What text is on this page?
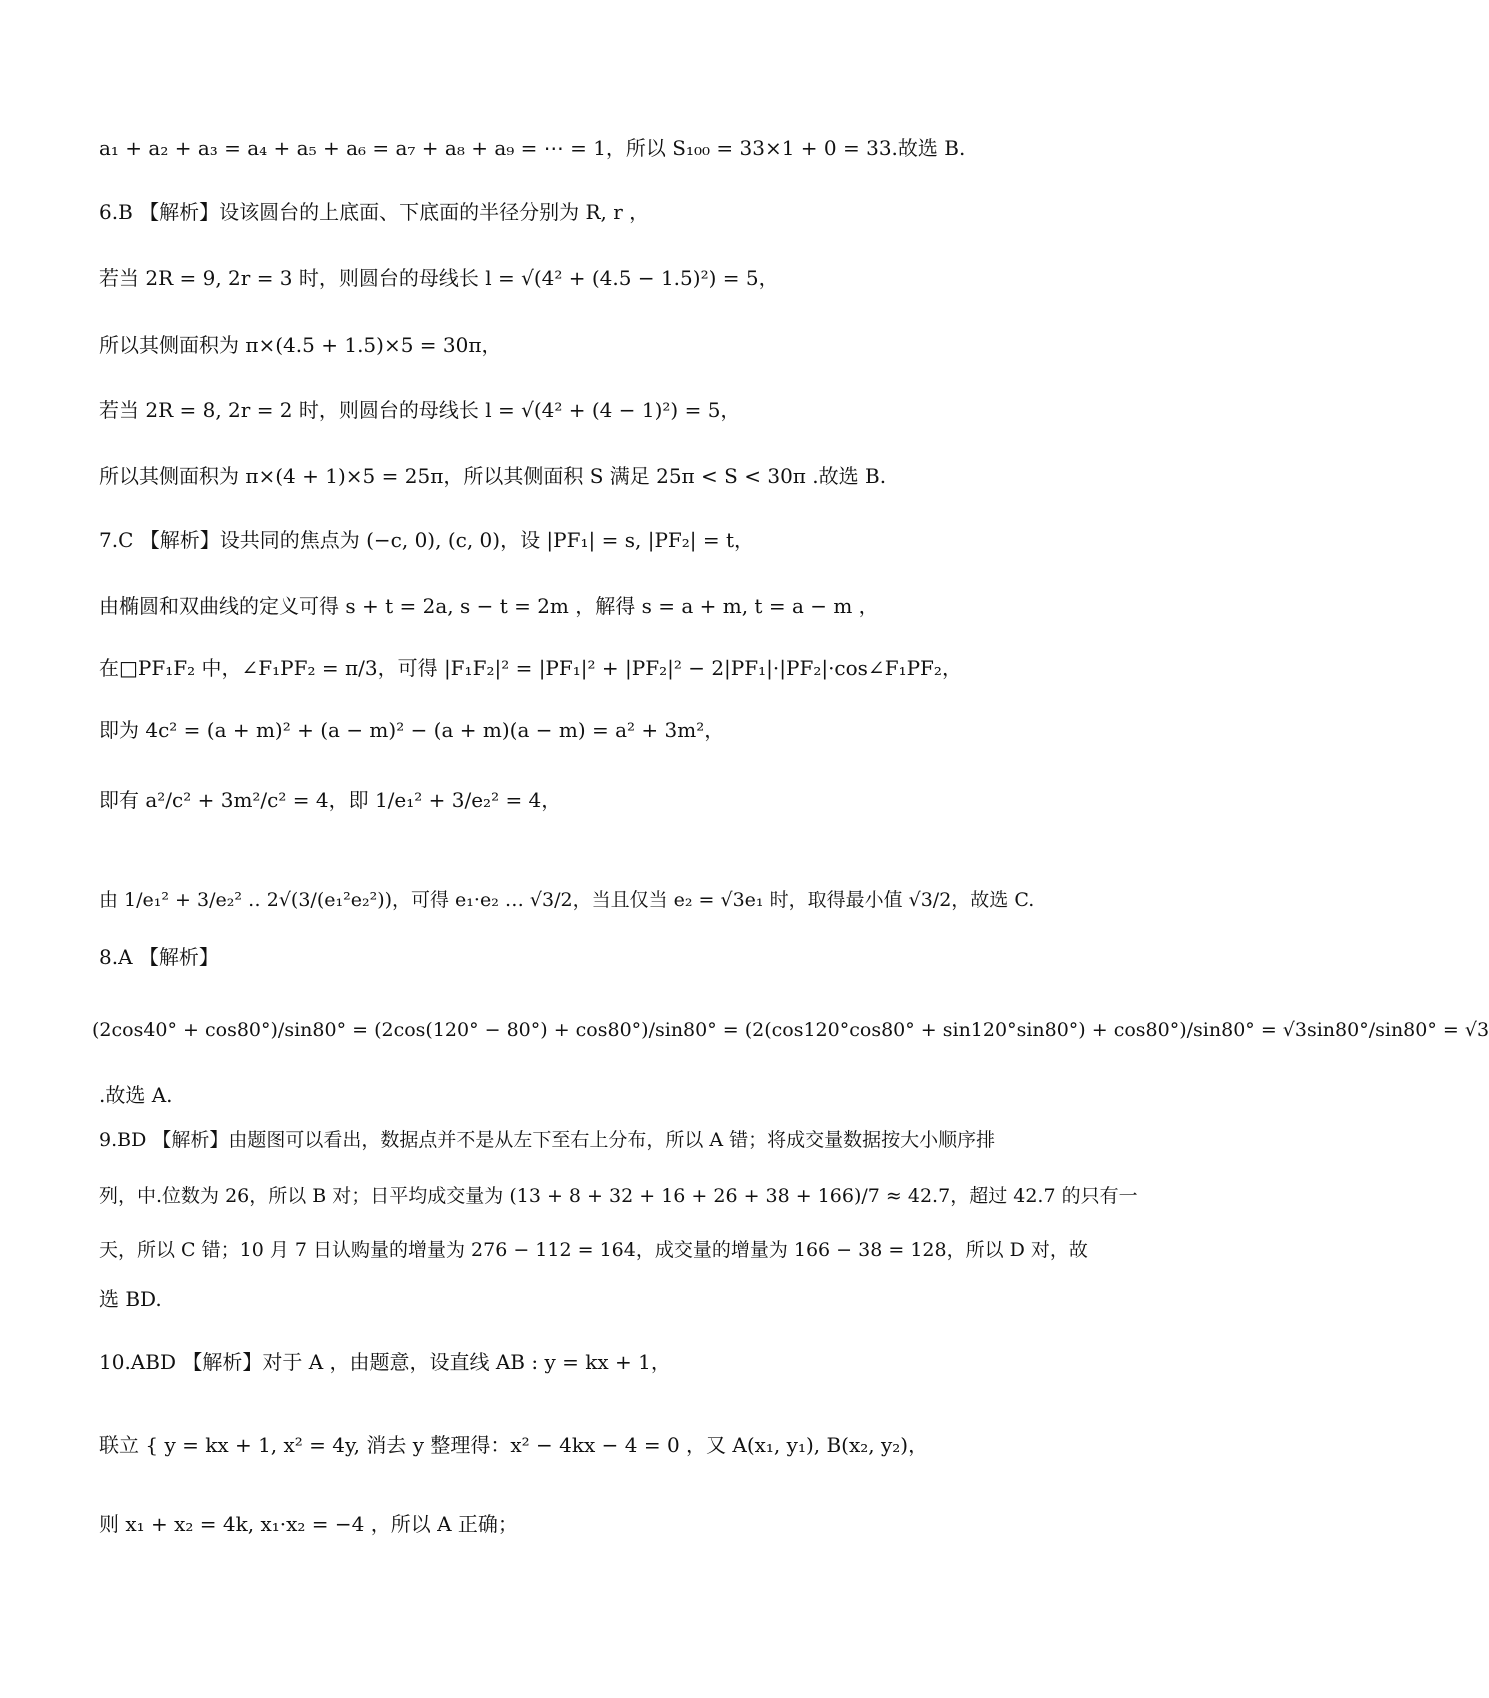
a₁ + a₂ + a₃ = a₄ + a₅ + a₆ = a₇ + a₈ + a₉ = ⋯ = 1，所以 S₁₀₀ = 33×1 + 0 = 33.故选 B.
6.B 【解析】设该圆台的上底面、下底面的半径分别为 R, r ，
若当 2R = 9, 2r = 3 时，则圆台的母线长 l = √(4² + (4.5 − 1.5)²) = 5，
所以其侧面积为 π×(4.5 + 1.5)×5 = 30π，
若当 2R = 8, 2r = 2 时，则圆台的母线长 l = √(4² + (4 − 1)²) = 5，
所以其侧面积为 π×(4 + 1)×5 = 25π，所以其侧面积 S 满足 25π < S < 30π .故选 B.
7.C 【解析】设共同的焦点为 (−c, 0), (c, 0)，设 |PF₁| = s, |PF₂| = t，
由椭圆和双曲线的定义可得 s + t = 2a, s − t = 2m ，解得 s = a + m, t = a − m ，
在□PF₁F₂ 中，∠F₁PF₂ = π/3，可得 |F₁F₂|² = |PF₁|² + |PF₂|² − 2|PF₁|·|PF₂|·cos∠F₁PF₂，
即为 4c² = (a + m)² + (a − m)² − (a + m)(a − m) = a² + 3m²，
即有 a²/c² + 3m²/c² = 4，即 1/e₁² + 3/e₂² = 4，
由 1/e₁² + 3/e₂² ‥ 2√(3/(e₁²e₂²))，可得 e₁·e₂ … √3/2，当且仅当 e₂ = √3e₁ 时，取得最小值 √3/2，故选 C.
8.A 【解析】
(2cos40° + cos80°)/sin80° = (2cos(120° − 80°) + cos80°)/sin80° = (2(cos120°cos80° + sin120°sin80°) + cos80°)/sin80° = √3sin80°/sin80° = √3
.故选 A.
9.BD 【解析】由题图可以看出，数据点并不是从左下至右上分布，所以 A 错；将成交量数据按大小顺序排
列，中.位数为 26，所以 B 对；日平均成交量为 (13 + 8 + 32 + 16 + 26 + 38 + 166)/7 ≈ 42.7，超过 42.7 的只有一
天，所以 C 错；10 月 7 日认购量的增量为 276 − 112 = 164，成交量的增量为 166 − 38 = 128，所以 D 对，故
选 BD.
10.ABD 【解析】对于 A ，由题意，设直线 AB : y = kx + 1，
联立 { y = kx + 1, x² = 4y, 消去 y 整理得：x² − 4kx − 4 = 0 ，又 A(x₁, y₁), B(x₂, y₂)，
则 x₁ + x₂ = 4k, x₁·x₂ = −4 ，所以 A 正确；
